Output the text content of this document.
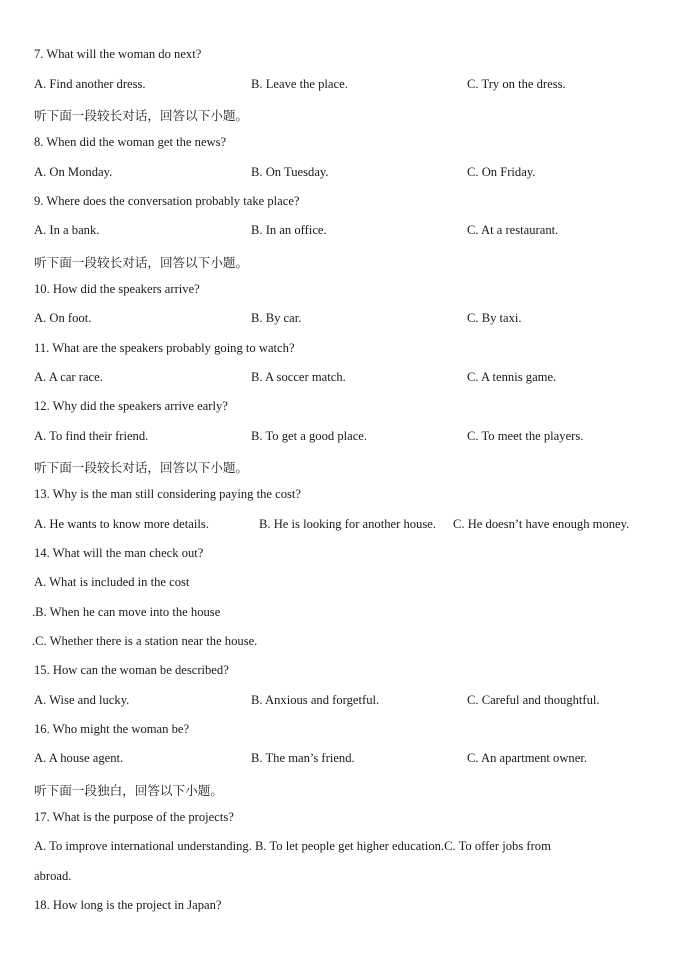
7. What will the woman do next?
A. Find another dress.	B. Leave the place.	C. Try on the dress.
听下面一段较长对话，回答以下小题。
8. When did the woman get the news?
A. On Monday.	B. On Tuesday.	C. On Friday.
9. Where does the conversation probably take place?
A. In a bank.	B. In an office.	C. At a restaurant.
听下面一段较长对话，回答以下小题。
10. How did the speakers arrive?
A. On foot.	B. By car.	C. By taxi.
11. What are the speakers probably going to watch?
A. A car race.	B. A soccer match.	C. A tennis game.
12. Why did the speakers arrive early?
A. To find their friend.	B. To get a good place.	C. To meet the players.
听下面一段较长对话，回答以下小题。
13. Why is the man still considering paying the cost?
A. He wants to know more details.	B. He is looking for another house. C. He doesn’t have enough money.
14. What will the man check out?
A. What is included in the cost
.B. When he can move into the house
.C. Whether there is a station near the house.
15. How can the woman be described?
A. Wise and lucky.	B. Anxious and forgetful.	C. Careful and thoughtful.
16. Who might the woman be?
A. A house agent.	B. The man’s friend.	C. An apartment owner.
听下面一段独白，回答以下小题。
17. What is the purpose of the projects?
A. To improve international understanding. B. To let people get higher education.C. To offer jobs from
abroad.
18. How long is the project in Japan?
